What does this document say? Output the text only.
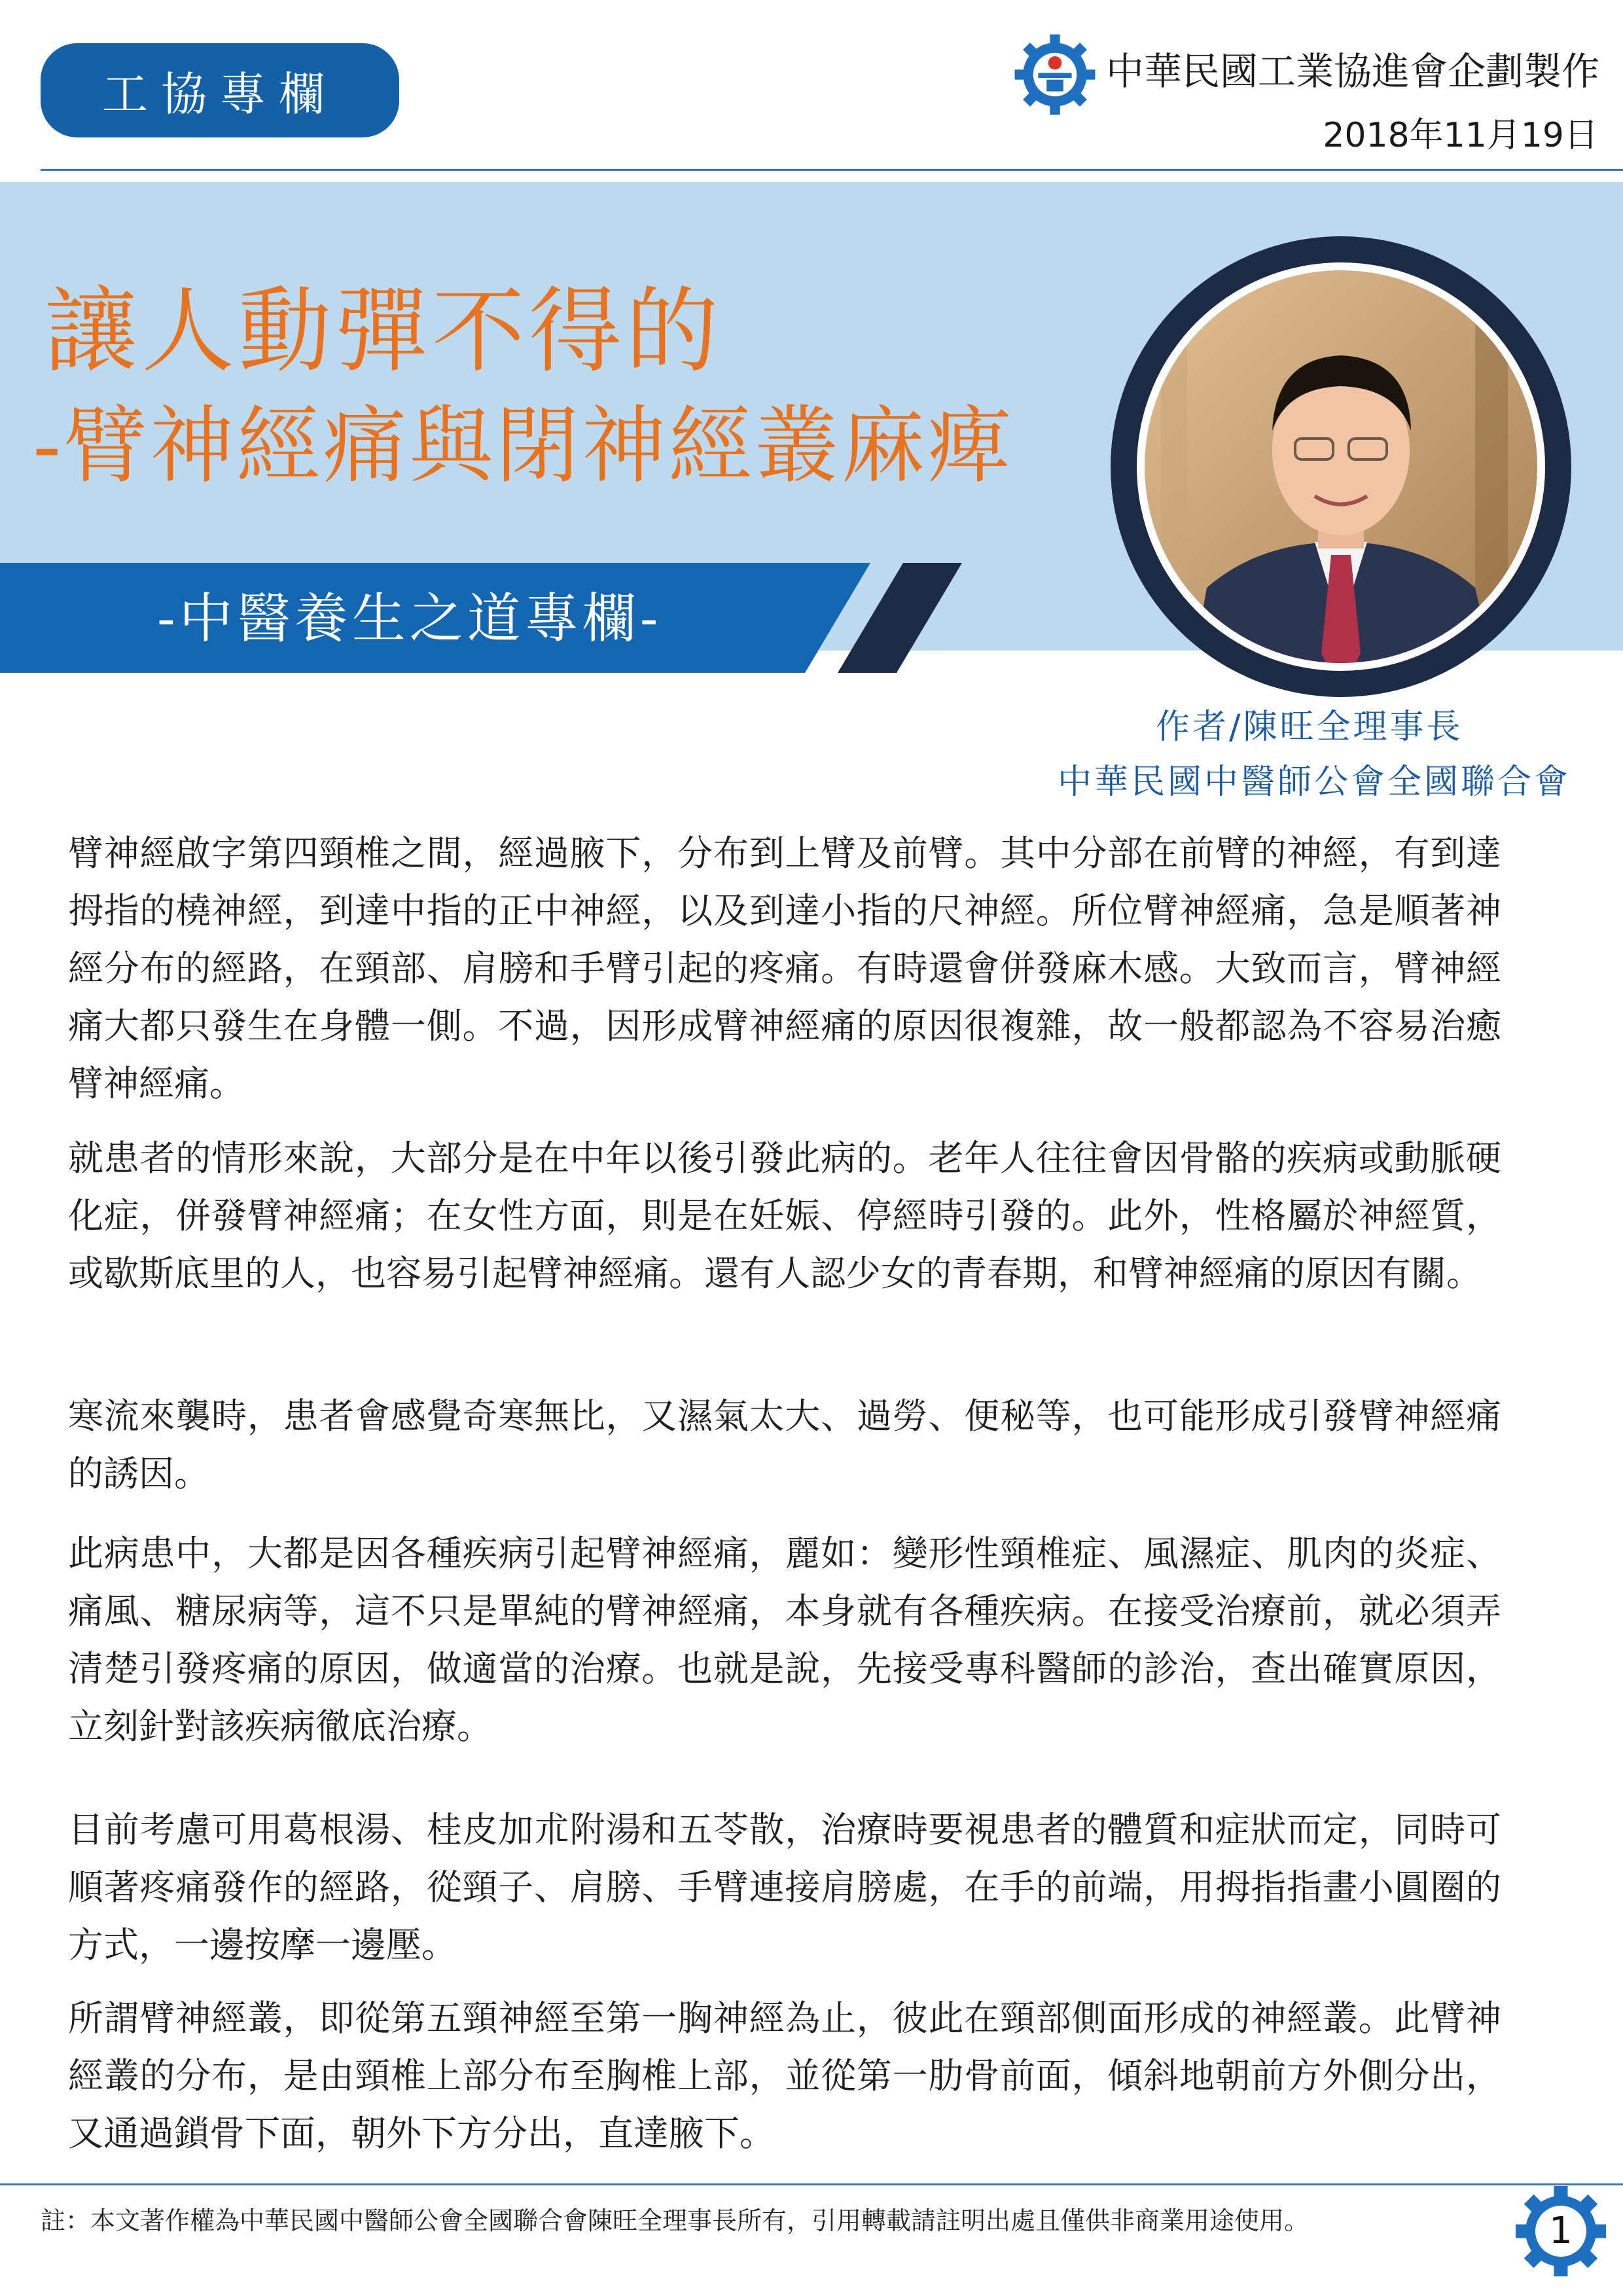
工協專欄	中華民國工業協進會企劃製作
2018年11月19日
讓人動彈不得的
-臂神經痛與閉神經叢麻痺
-中醫養生之道專欄-
作者/陳旺全理事長
中華民國中醫師公會全國聯合會

臂神經啟字第四頸椎之間，經過腋下，分布到上臂及前臂。其中分部在前臂的神經，有到達拇指的橈神經，到達中指的正中神經，以及到達小指的尺神經。所位臂神經痛，急是順著神經分布的經路，在頸部、肩膀和手臂引起的疼痛。有時還會併發麻木感。大致而言，臂神經痛大都只發生在身體一側。不過，因形成臂神經痛的原因很複雜，故一般都認為不容易治癒臂神經痛。

就患者的情形來說，大部分是在中年以後引發此病的。老年人往往會因骨骼的疾病或動脈硬化症，併發臂神經痛；在女性方面，則是在妊娠、停經時引發的。此外，性格屬於神經質，或歇斯底里的人，也容易引起臂神經痛。還有人認少女的青春期，和臂神經痛的原因有關。

寒流來襲時，患者會感覺奇寒無比，又濕氣太大、過勞、便秘等，也可能形成引發臂神經痛的誘因。

此病患中，大都是因各種疾病引起臂神經痛，麗如：變形性頸椎症、風濕症、肌肉的炎症、痛風、糖尿病等，這不只是單純的臂神經痛，本身就有各種疾病。在接受治療前，就必須弄清楚引發疼痛的原因，做適當的治療。也就是說，先接受專科醫師的診治，查出確實原因，立刻針對該疾病徹底治療。

目前考慮可用葛根湯、桂皮加朮附湯和五苓散，治療時要視患者的體質和症狀而定，同時可順著疼痛發作的經路，從頸子、肩膀、手臂連接肩膀處，在手的前端，用拇指指畫小圓圈的方式，一邊按摩一邊壓。

所謂臂神經叢，即從第五頸神經至第一胸神經為止，彼此在頸部側面形成的神經叢。此臂神經叢的分布，是由頸椎上部分布至胸椎上部，並從第一肋骨前面，傾斜地朝前方外側分出，又通過鎖骨下面，朝外下方分出，直達腋下。

註：本文著作權為中華民國中醫師公會全國聯合會陳旺全理事長所有，引用轉載請註明出處且僅供非商業用途使用。	1
